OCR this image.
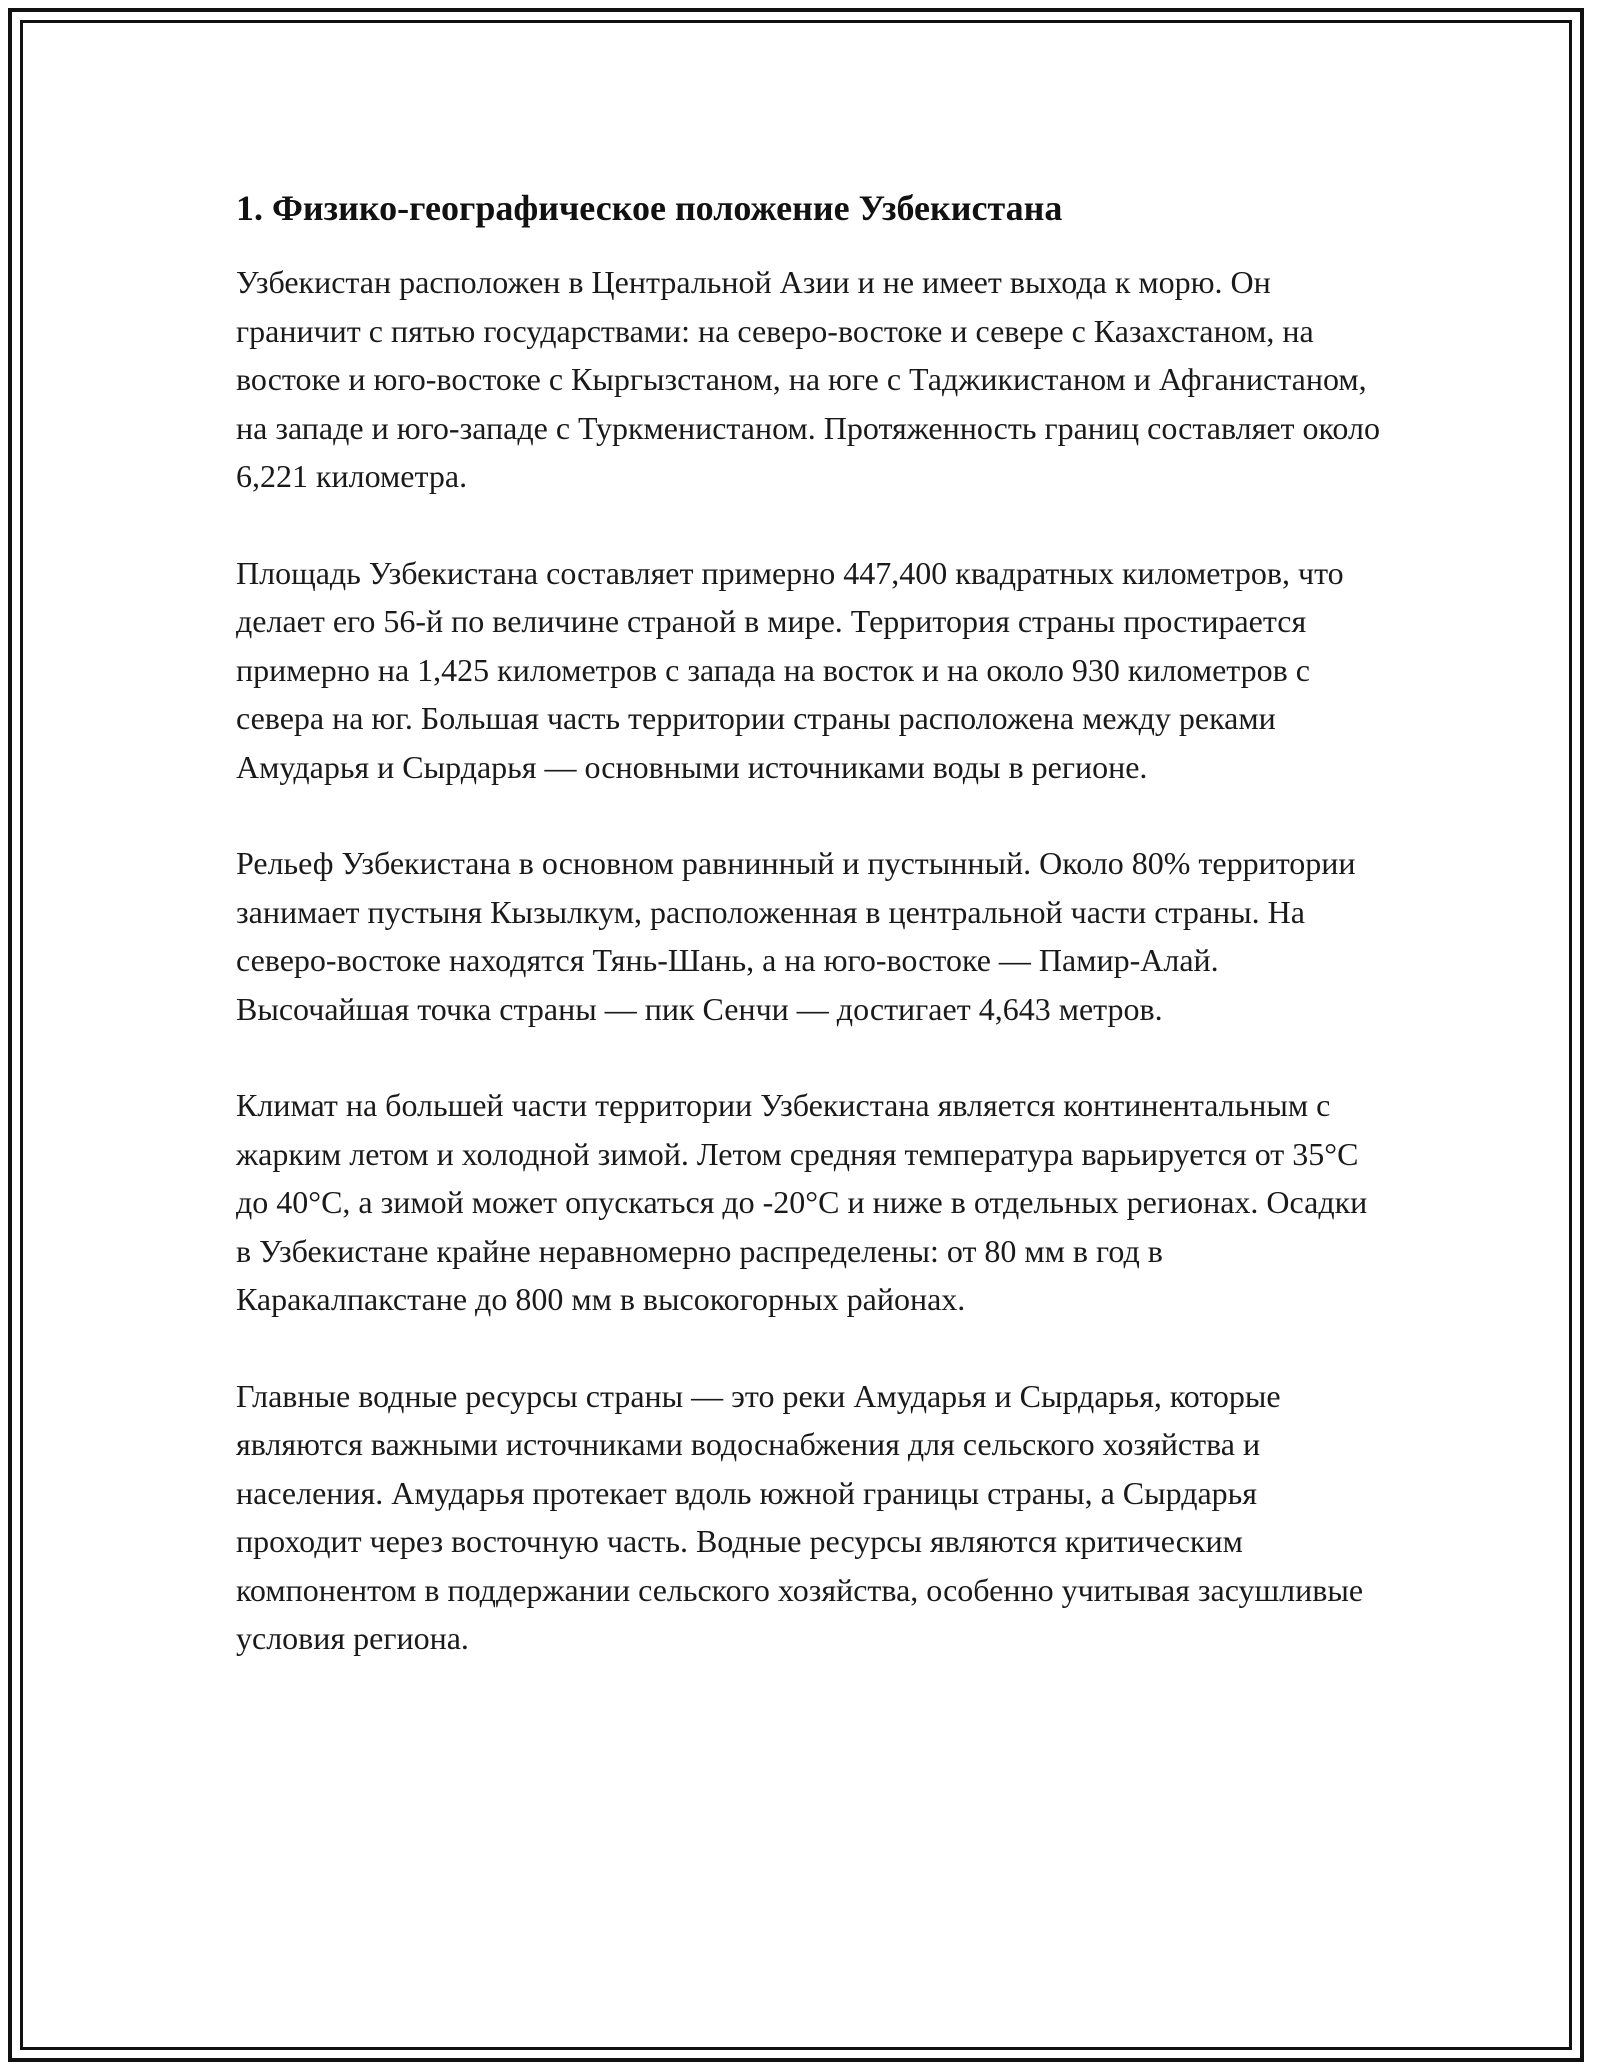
1. Физико-географическое положение Узбекистана

Узбекистан расположен в Центральной Азии и не имеет выхода к морю. Он граничит с пятью государствами: на северо-востоке и севере с Казахстаном, на востоке и юго-востоке с Кыргызстаном, на юге с Таджикистаном и Афганистаном, на западе и юго-западе с Туркменистаном. Протяженность границ составляет около 6,221 километра.

Площадь Узбекистана составляет примерно 447,400 квадратных километров, что делает его 56-й по величине страной в мире. Территория страны простирается примерно на 1,425 километров с запада на восток и на около 930 километров с севера на юг. Большая часть территории страны расположена между реками Амударья и Сырдарья — основными источниками воды в регионе.

Рельеф Узбекистана в основном равнинный и пустынный. Около 80% территории занимает пустыня Кызылкум, расположенная в центральной части страны. На северо-востоке находятся Тянь-Шань, а на юго-востоке — Памир-Алай. Высочайшая точка страны — пик Сенчи — достигает 4,643 метров.

Климат на большей части территории Узбекистана является континентальным с жарким летом и холодной зимой. Летом средняя температура варьируется от 35°C до 40°C, а зимой может опускаться до -20°C и ниже в отдельных регионах. Осадки в Узбекистане крайне неравномерно распределены: от 80 мм в год в Каракалпакстане до 800 мм в высокогорных районах.

Главные водные ресурсы страны — это реки Амударья и Сырдарья, которые являются важными источниками водоснабжения для сельского хозяйства и населения. Амударья протекает вдоль южной границы страны, а Сырдарья проходит через восточную часть. Водные ресурсы являются критическим компонентом в поддержании сельского хозяйства, особенно учитывая засушливые условия региона.
